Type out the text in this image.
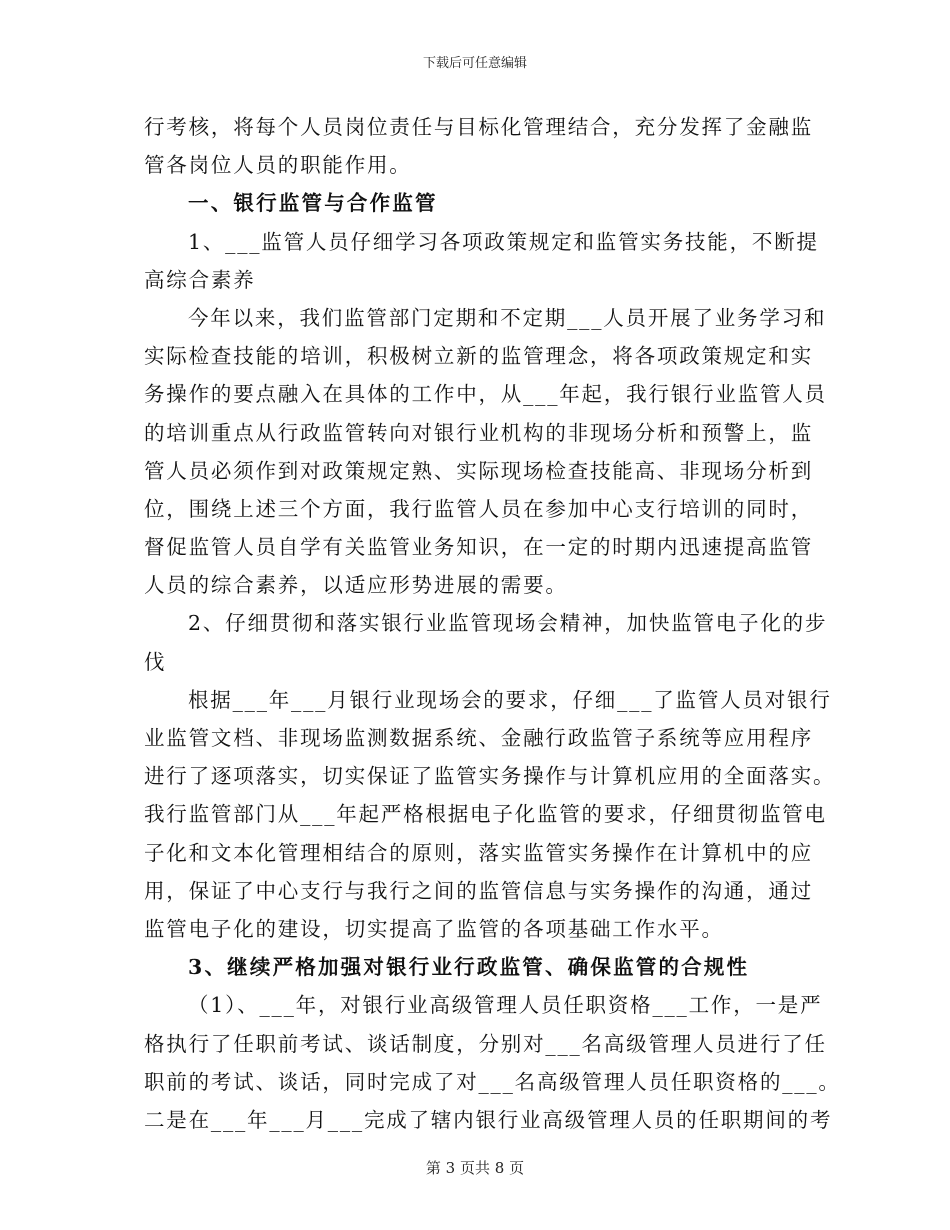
下载后可任意编辑
行考核，将每个人员岗位责任与目标化管理结合，充分发挥了金融监
管各岗位人员的职能作用。
一、银行监管与合作监管
1、___监管人员仔细学习各项政策规定和监管实务技能，不断提
高综合素养
今年以来，我们监管部门定期和不定期___人员开展了业务学习和
实际检查技能的培训，积极树立新的监管理念，将各项政策规定和实
务操作的要点融入在具体的工作中，从___年起，我行银行业监管人员
的培训重点从行政监管转向对银行业机构的非现场分析和预警上，监
管人员必须作到对政策规定熟、实际现场检查技能高、非现场分析到
位，围绕上述三个方面，我行监管人员在参加中心支行培训的同时，
督促监管人员自学有关监管业务知识，在一定的时期内迅速提高监管
人员的综合素养，以适应形势进展的需要。
2、仔细贯彻和落实银行业监管现场会精神，加快监管电子化的步
伐
根据___年___月银行业现场会的要求，仔细___了监管人员对银行
业监管文档、非现场监测数据系统、金融行政监管子系统等应用程序
进行了逐项落实，切实保证了监管实务操作与计算机应用的全面落实。
我行监管部门从___年起严格根据电子化监管的要求，仔细贯彻监管电
子化和文本化管理相结合的原则，落实监管实务操作在计算机中的应
用，保证了中心支行与我行之间的监管信息与实务操作的沟通，通过
监管电子化的建设，切实提高了监管的各项基础工作水平。
3、继续严格加强对银行业行政监管、确保监管的合规性
（1）、___年，对银行业高级管理人员任职资格___工作，一是严
格执行了任职前考试、谈话制度，分别对___名高级管理人员进行了任
职前的考试、谈话，同时完成了对___名高级管理人员任职资格的___。
二是在___年___月___完成了辖内银行业高级管理人员的任职期间的考
第 3 页共 8 页
